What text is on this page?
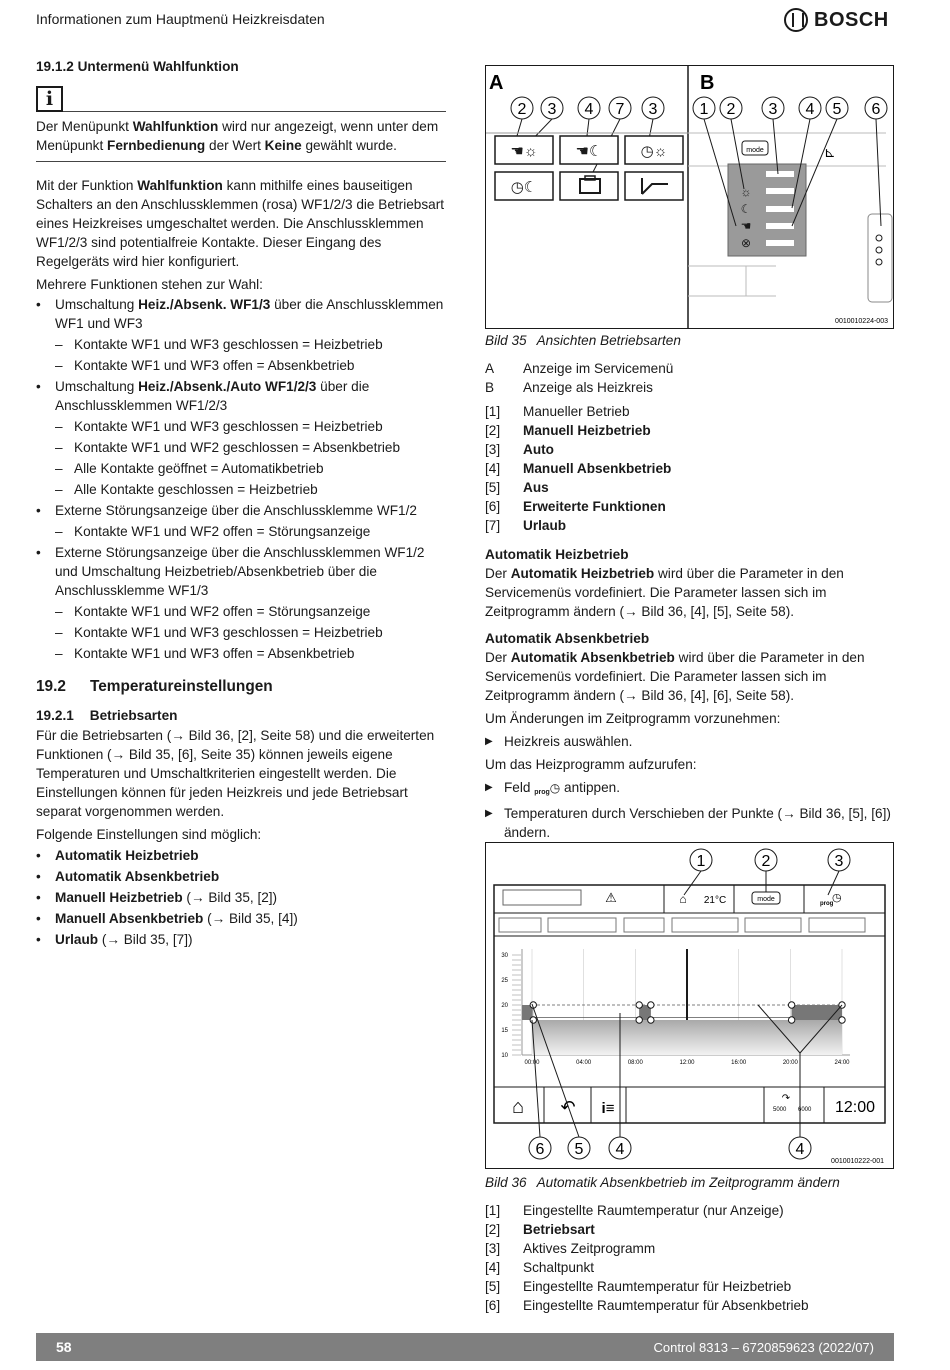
Informationen zum Hauptmenü Heizkreisdaten	BOSCH
19.1.2 Untermenü Wahlfunktion
i
Der Menüpunkt Wahlfunktion wird nur angezeigt, wenn unter dem Menüpunkt Fernbedienung der Wert Keine gewählt wurde.

Mit der Funktion Wahlfunktion kann mithilfe eines bauseitigen Schalters an den Anschlussklemmen (rosa) WF1/2/3 die Betriebsart eines Heizkreises umgeschaltet werden. Die Anschlussklemmen WF1/2/3 sind potentialfreie Kontakte. Dieser Eingang des Regelgeräts wird hier konfiguriert.

Mehrere Funktionen stehen zur Wahl:

• Umschaltung Heiz./Absenk. WF1/3 über die Anschlussklemmen WF1 und WF3
– Kontakte WF1 und WF3 geschlossen = Heizbetrieb
– Kontakte WF1 und WF3 offen = Absenkbetrieb
• Umschaltung Heiz./Absenk./Auto WF1/2/3 über die Anschlussklemmen WF1/2/3
– Kontakte WF1 und WF3 geschlossen = Heizbetrieb
– Kontakte WF1 und WF2 geschlossen = Absenkbetrieb
– Alle Kontakte geöffnet = Automatikbetrieb
– Alle Kontakte geschlossen = Heizbetrieb
• Externe Störungsanzeige über die Anschlussklemme WF1/2
– Kontakte WF1 und WF2 offen = Störungsanzeige
• Externe Störungsanzeige über die Anschlussklemmen WF1/2 und Umschaltung Heizbetrieb/Absenkbetrieb über die Anschlussklemme WF1/3
– Kontakte WF1 und WF2 offen = Störungsanzeige
– Kontakte WF1 und WF3 geschlossen = Heizbetrieb
– Kontakte WF1 und WF3 offen = Absenkbetrieb
19.2 Temperatureinstellungen
19.2.1 Betriebsarten

Für die Betriebsarten (→ Bild 36, [2], Seite 58) und die erweiterten Funktionen (→ Bild 35, [6], Seite 35) können jeweils eigene Temperaturen und Umschaltkriterien eingestellt werden. Die Einstellungen können für jeden Heizkreis und jede Betriebsart separat vorgenommen werden.

Folgende Einstellungen sind möglich:

• Automatik Heizbetrieb
• Automatik Absenkbetrieb
• Manuell Heizbetrieb (→ Bild 35, [2])
• Manuell Absenkbetrieb (→ Bild 35, [4])
• Urlaub (→ Bild 35, [7])
A	B
2 3 4 7 3
☚☼	☚☾	◷☼
◷☾
1 2 3 4 5 6
mode	⊾
☼
☾
☚
⊗
0010010224-003
Bild 35 Ansichten Betriebsarten
A	Anzeige im Servicemenü
B	Anzeige als Heizkreis
[1]	Manueller Betrieb
[2]	Manuell Heizbetrieb
[3]	Auto
[4]	Manuell Absenkbetrieb
[5]	Aus
[6]	Erweiterte Funktionen
[7]	Urlaub
Automatik Heizbetrieb

Der Automatik Heizbetrieb wird über die Parameter in den Servicemenüs vordefiniert. Die Parameter lassen sich im Zeitprogramm ändern (→ Bild 36, [4], [5], Seite 58).

Automatik Absenkbetrieb

Der Automatik Absenkbetrieb wird über die Parameter in den Servicemenüs vordefiniert. Die Parameter lassen sich im Zeitprogramm ändern (→ Bild 36, [4], [6], Seite 58).

Um Änderungen im Zeitprogramm vorzunehmen:

▶ Heizkreis auswählen.

Um das Heizprogramm aufzurufen:

▶ Feld prog◷ antippen.
▶ Temperaturen durch Verschieben der Punkte (→ Bild 36, [5], [6]) ändern.
1	2	3
⚠	⌂ 21°C	mode
prog
◷
30
25
20
15
10
00:00	04:00	08:00	12:00	16:00	20:00	24:00
⌂ ↶ i≡	5000 6000
↷
12:00
6 5 4	4
0010010222-001
Bild 36 Automatik Absenkbetrieb im Zeitprogramm ändern
[1]	Eingestellte Raumtemperatur (nur Anzeige)
[2]	Betriebsart
[3]	Aktives Zeitprogramm
[4]	Schaltpunkt
[5]	Eingestellte Raumtemperatur für Heizbetrieb
[6]	Eingestellte Raumtemperatur für Absenkbetrieb
58	Control 8313 – 6720859623 (2022/07)
